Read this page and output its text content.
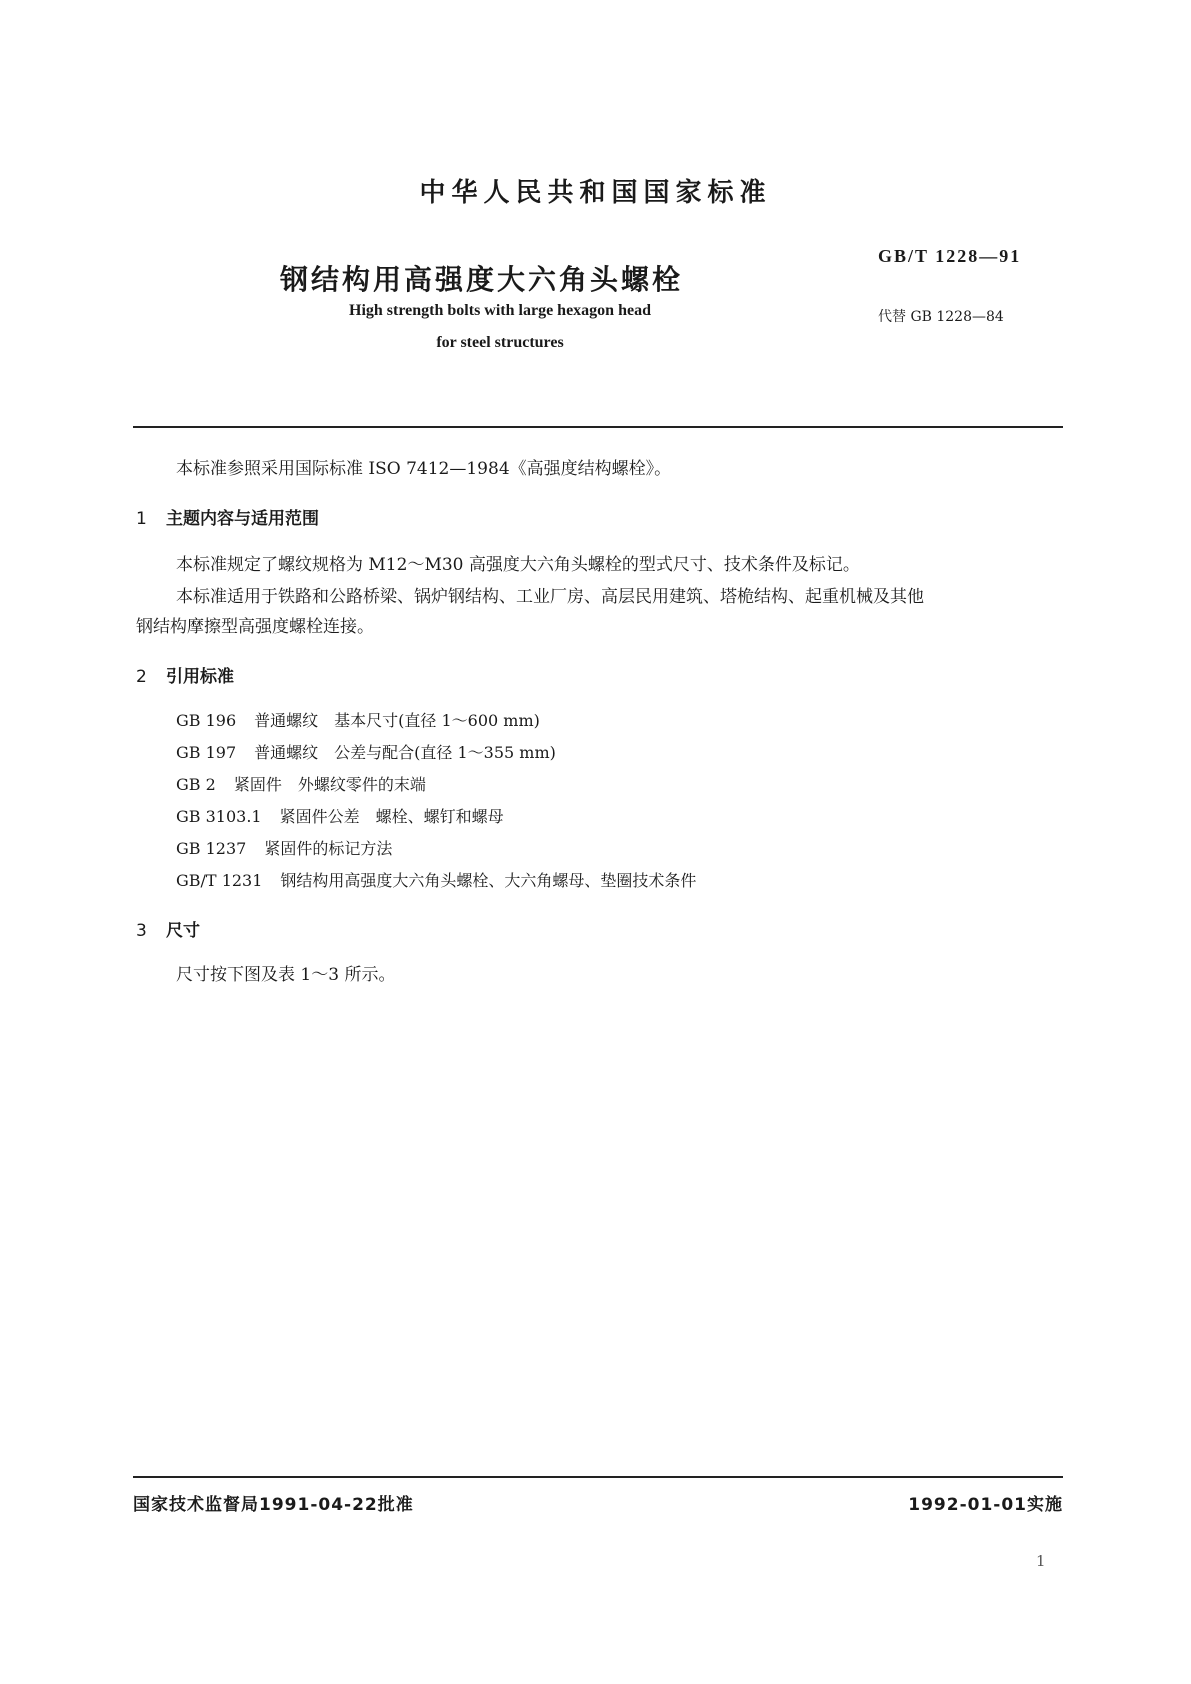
中华人民共和国国家标准
钢结构用高强度大六角头螺栓
High strength bolts with large hexagon head
for steel structures
GB/T 1228—91
代替 GB 1228—84
本标准参照采用国际标准 ISO 7412—1984《高强度结构螺栓》。
1 主题内容与适用范围
本标准规定了螺纹规格为 M12～M30 高强度大六角头螺栓的型式尺寸、技术条件及标记。
本标准适用于铁路和公路桥梁、锅炉钢结构、工业厂房、高层民用建筑、塔桅结构、起重机械及其他
钢结构摩擦型高强度螺栓连接。
2 引用标准
GB 196 普通螺纹　基本尺寸(直径 1～600 mm)
GB 197 普通螺纹　公差与配合(直径 1～355 mm)
GB 2 紧固件　外螺纹零件的末端
GB 3103.1 紧固件公差　螺栓、螺钉和螺母
GB 1237 紧固件的标记方法
GB/T 1231 钢结构用高强度大六角头螺栓、大六角螺母、垫圈技术条件
3 尺寸
尺寸按下图及表 1～3 所示。
国家技术监督局1991-04-22批准	1992-01-01实施
1
